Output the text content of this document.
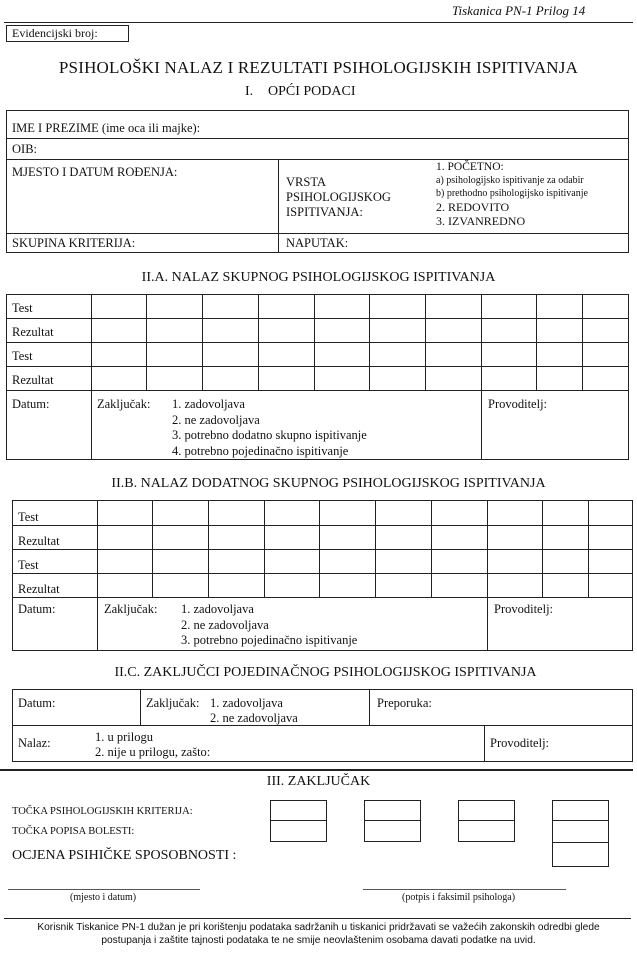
Tiskanica PN-1 Prilog 14
Evidencijski broj:
PSIHOLOŠKI NALAZ I REZULTATI PSIHOLOGIJSKIH ISPITIVANJA
I. OPĆI PODACI
IME I PREZIME (ime oca ili majke):
OIB:
MJESTO I DATUM ROĐENJA:
VRSTA
PSIHOLOGIJSKOG
ISPITIVANJA:
1. POČETNO:
a) psihologijsko ispitivanje za odabir
b) prethodno psihologijsko ispitivanje
2. REDOVITO
3. IZVANREDNO
SKUPINA KRITERIJA:	NAPUTAK:
II.A. NALAZ SKUPNOG PSIHOLOGIJSKOG ISPITIVANJA
Test
Rezultat
Test
Rezultat
Datum:	Zaključak: 1. zadovoljava
2. ne zadovoljava
3. potrebno dodatno skupno ispitivanje
4. potrebno pojedinačno ispitivanje
Provoditelj:
II.B. NALAZ DODATNOG SKUPNOG PSIHOLOGIJSKOG ISPITIVANJA
Test
Rezultat
Test
Rezultat
Datum:	Zaključak: 1. zadovoljava
2. ne zadovoljava
3. potrebno pojedinačno ispitivanje
Provoditelj:
II.C. ZAKLJUČCI POJEDINAČNOG PSIHOLOGIJSKOG ISPITIVANJA
Datum:	Zaključak: 1. zadovoljava
2. ne zadovoljava
Preporuka:
Nalaz:	1. u prilogu
2. nije u prilogu, zašto:
Provoditelj:
III. ZAKLJUČAK
TOČKA PSIHOLOGIJSKIH KRITERIJA:
TOČKA POPISA BOLESTI:
OCJENA PSIHIČKE SPOSOBNOSTI :
(mjesto i datum)	(potpis i faksimil psihologa)
Korisnik Tiskanice PN-1 dužan je pri korištenju podataka sadržanih u tiskanici pridržavati se važećih zakonskih odredbi glede
postupanja i zaštite tajnosti podataka te ne smije neovlaštenim osobama davati podatke na uvid.
